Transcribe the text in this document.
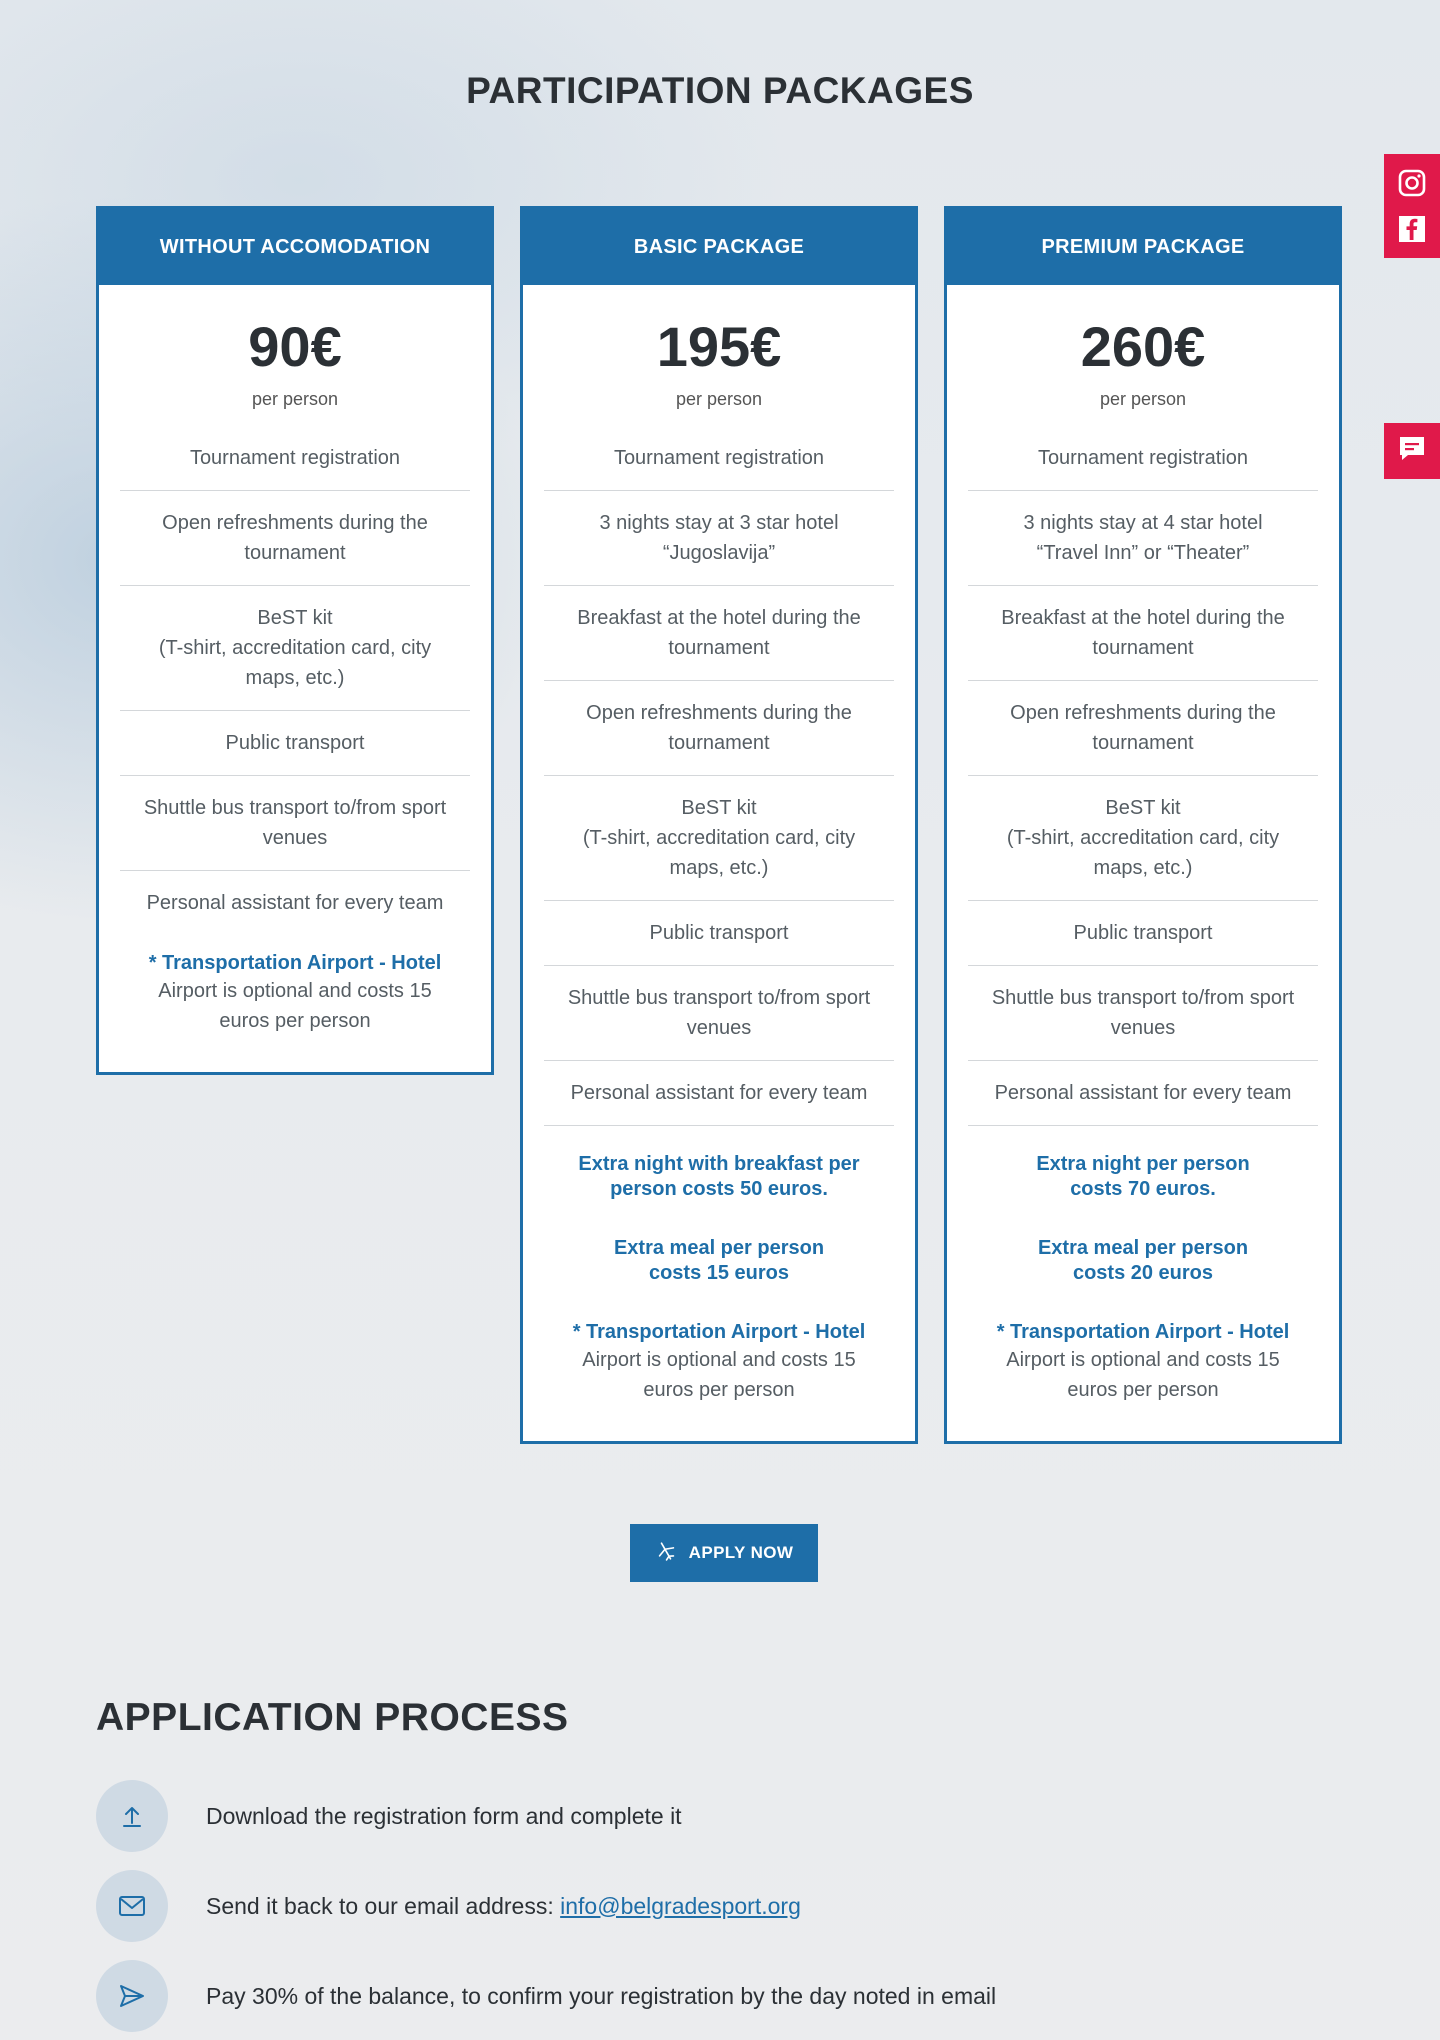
PARTICIPATION PACKAGES
WITHOUT ACCOMODATION
90€
per person
Tournament registration
Open refreshments during the tournament
BeST kit
(T-shirt, accreditation card, city maps, etc.)
Public transport
Shuttle bus transport to/from sport venues
Personal assistant for every team
* Transportation Airport - Hotel
Airport is optional and costs 15 euros per person
BASIC PACKAGE
195€
per person
Tournament registration
3 nights stay at 3 star hotel “Jugoslavija”
Breakfast at the hotel during the tournament
Open refreshments during the tournament
BeST kit
(T-shirt, accreditation card, city maps, etc.)
Public transport
Shuttle bus transport to/from sport venues
Personal assistant for every team
Extra night with breakfast per person costs 50 euros.
Extra meal per person costs 15 euros
* Transportation Airport - Hotel
Airport is optional and costs 15 euros per person
PREMIUM PACKAGE
260€
per person
Tournament registration
3 nights stay at 4 star hotel “Travel Inn” or “Theater”
Breakfast at the hotel during the tournament
Open refreshments during the tournament
BeST kit
(T-shirt, accreditation card, city maps, etc.)
Public transport
Shuttle bus transport to/from sport venues
Personal assistant for every team
Extra night per person costs 70 euros.
Extra meal per person costs 20 euros
* Transportation Airport - Hotel
Airport is optional and costs 15 euros per person
APPLY NOW
APPLICATION PROCESS
Download the registration form and complete it
Send it back to our email address: info@belgradesport.org
Pay 30% of the balance, to confirm your registration by the day noted in email
